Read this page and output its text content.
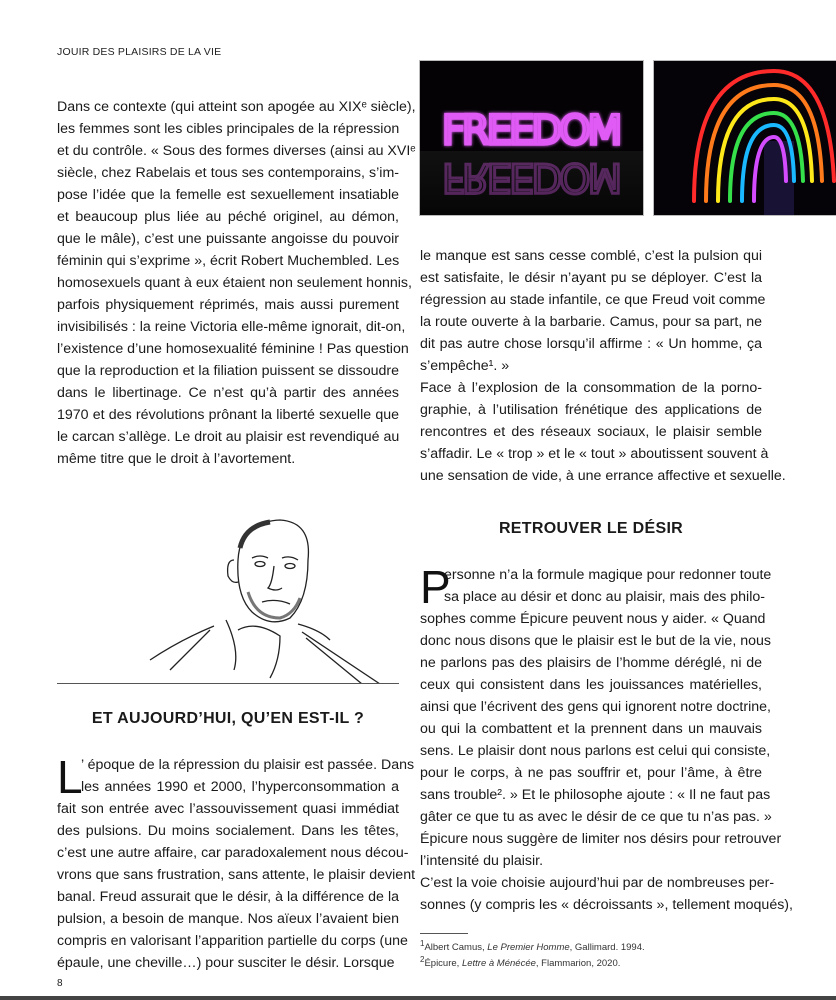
JOUIR DES PLAISIRS DE LA VIE
FREEDOM
FREEDOM
Dans ce contexte (qui atteint son apogée au XIXᵉ siècle),
les femmes sont les cibles principales de la répression
et du contrôle. « Sous des formes diverses (ainsi au XVIᵉ
siècle, chez Rabelais et tous ses contemporains, s’im-
pose l’idée que la femelle est sexuellement insatiable
et beaucoup plus liée au péché originel, au démon,
que le mâle), c’est une puissante angoisse du pouvoir
féminin qui s’exprime », écrit Robert Muchembled. Les
homosexuels quant à eux étaient non seulement honnis,
parfois physiquement réprimés, mais aussi purement
invisibilisés : la reine Victoria elle-même ignorait, dit-on,
l’existence d’une homosexualité féminine ! Pas question
que la reproduction et la filiation puissent se dissoudre
dans le libertinage. Ce n’est qu’à partir des années
1970 et des révolutions prônant la liberté sexuelle que
le carcan s’allège. Le droit au plaisir est revendiqué au
même titre que le droit à l’avortement.
le manque est sans cesse comblé, c’est la pulsion qui
est satisfaite, le désir n’ayant pu se déployer. C’est la
régression au stade infantile, ce que Freud voit comme
la route ouverte à la barbarie. Camus, pour sa part, ne
dit pas autre chose lorsqu’il affirme : « Un homme, ça
s’empêche¹. »
Face à l’explosion de la consommation de la porno-
graphie, à l’utilisation frénétique des applications de
rencontres et des réseaux sociaux, le plaisir semble
s’affadir. Le « trop » et le « tout » aboutissent souvent à
une sensation de vide, à une errance affective et sexuelle.
ET AUJOURD’HUI, QU’EN EST-IL ?
L
’ époque de la répression du plaisir est passée. Dans
les années 1990 et 2000, l’hyperconsommation a
fait son entrée avec l’assouvissement quasi immédiat
des pulsions. Du moins socialement. Dans les têtes,
c’est une autre affaire, car paradoxalement nous décou-
vrons que sans frustration, sans attente, le plaisir devient
banal. Freud assurait que le désir, à la différence de la
pulsion, a besoin de manque. Nos aïeux l’avaient bien
compris en valorisant l’apparition partielle du corps (une
épaule, une cheville…) pour susciter le désir. Lorsque
RETROUVER LE DÉSIR
P
ersonne n’a la formule magique pour redonner toute
sa place au désir et donc au plaisir, mais des philo-
sophes comme Épicure peuvent nous y aider. « Quand
donc nous disons que le plaisir est le but de la vie, nous
ne parlons pas des plaisirs de l’homme déréglé, ni de
ceux qui consistent dans les jouissances matérielles,
ainsi que l’écrivent des gens qui ignorent notre doctrine,
ou qui la combattent et la prennent dans un mauvais
sens. Le plaisir dont nous parlons est celui qui consiste,
pour le corps, à ne pas souffrir et, pour l’âme, à être
sans trouble². » Et le philosophe ajoute : « Il ne faut pas
gâter ce que tu as avec le désir de ce que tu n’as pas. »
Épicure nous suggère de limiter nos désirs pour retrouver
l’intensité du plaisir.
C’est la voie choisie aujourd’hui par de nombreuses per-
sonnes (y compris les « décroissants », tellement moqués),
$^1$Albert Camus, Le Premier Homme, Gallimard. 1994.
$^2$Épicure, Lettre à Ménécée, Flammarion, 2020.
8
